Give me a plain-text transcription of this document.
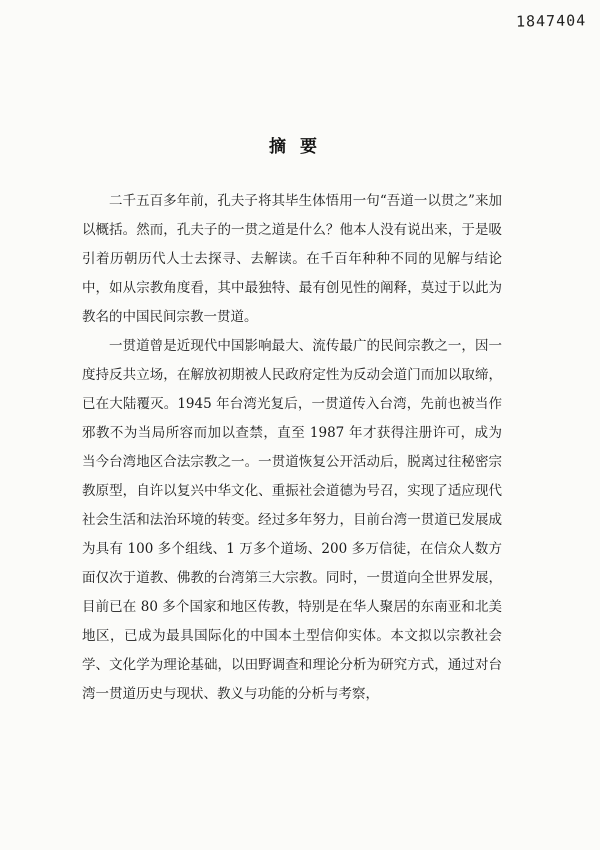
1847404
摘要

二千五百多年前，孔夫子将其毕生体悟用一句“吾道一以贯之”来加以概括。然而，孔夫子的一贯之道是什么？他本人没有说出来，于是吸引着历朝历代人士去探寻、去解读。在千百年种种不同的见解与结论中，如从宗教角度看，其中最独特、最有创见性的阐释，莫过于以此为教名的中国民间宗教一贯道。

一贯道曾是近现代中国影响最大、流传最广的民间宗教之一，因一度持反共立场，在解放初期被人民政府定性为反动会道门而加以取缔，已在大陆覆灭。1945 年台湾光复后，一贯道传入台湾，先前也被当作邪教不为当局所容而加以查禁，直至 1987 年才获得注册许可，成为当今台湾地区合法宗教之一。一贯道恢复公开活动后，脱离过往秘密宗教原型，自许以复兴中华文化、重振社会道德为号召，实现了适应现代社会生活和法治环境的转变。经过多年努力，目前台湾一贯道已发展成为具有 100 多个组线、1 万多个道场、200 多万信徒，在信众人数方面仅次于道教、佛教的台湾第三大宗教。同时，一贯道向全世界发展，目前已在 80 多个国家和地区传教，特别是在华人聚居的东南亚和北美地区，已成为最具国际化的中国本土型信仰实体。本文拟以宗教社会学、文化学为理论基础，以田野调查和理论分析为研究方式，通过对台湾一贯道历史与现状、教义与功能的分析与考察，
